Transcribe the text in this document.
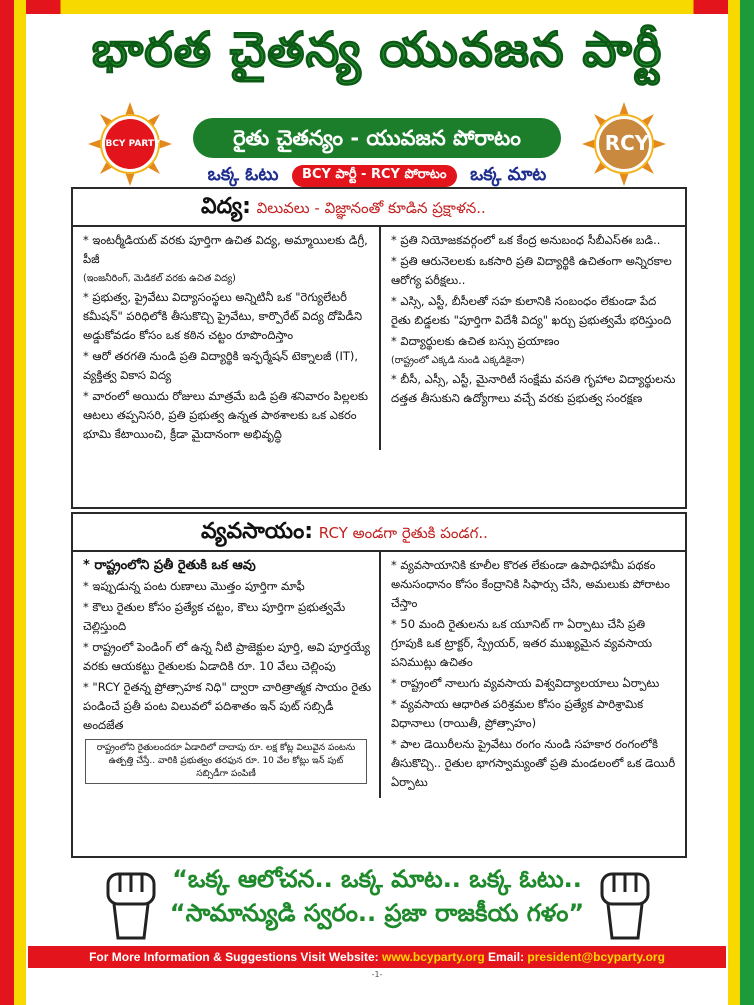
భారత చైతన్య యువజన పార్టీ
BCY PARTY	RCY
రైతు చైతన్యం - యువజన పోరాటం
ఒక్క ఓటు BCY పార్టీ - RCY పోరాటం ఒక్క మాట
విద్య: విలువలు - విజ్ఞానంతో కూడిన ప్రక్షాళన..
* ఇంటర్మీడియట్ వరకు పూర్తిగా ఉచిత విద్య, అమ్మాయిలకు డిగ్రీ, పీజీ
(ఇంజనీరింగ్, మెడికల్ వరకు ఉచిత విద్య)
* ప్రభుత్వ, ప్రైవేటు విద్యాసంస్థలు అన్నిటినీ ఒక "రెగ్యులేటరీ కమీషన్" పరిధిలోకి తీసుకొచ్చి ప్రైవేటు, కార్పొరేట్ విద్య దోపిడీని అడ్డుకోవడం కోసం ఒక కఠిన చట్టం రూపొందిస్తాం
* ఆరో తరగతి నుండి ప్రతి విద్యార్థికి ఇన్ఫర్మేషన్ టెక్నాలజీ (IT), వ్యక్తిత్వ వికాస విద్య
* వారంలో అయిదు రోజులు మాత్రమే బడి ప్రతి శనివారం పిల్లలకు ఆటలు తప్పనిసరి, ప్రతి ప్రభుత్వ ఉన్నత పాఠశాలకు ఒక ఎకరం భూమి కేటాయించి, క్రీడా మైదానంగా అభివృద్ధి
* ప్రతి నియోజకవర్గంలో ఒక కేంద్ర అనుబంధ సీబీఎస్‌ఈ బడి..
* ప్రతి ఆరునెలలకు ఒకసారి ప్రతి విద్యార్థికి ఉచితంగా అన్నిరకాల ఆరోగ్య పరీక్షలు..
* ఎస్సి, ఎస్టీ, బీసీలతో సహ కులానికి సంబంధం లేకుండా పేద రైతు బిడ్డలకు "పూర్తిగా విదేశీ విద్య" ఖర్చు ప్రభుత్వమే భరిస్తుంది
* విద్యార్థులకు ఉచిత బస్సు ప్రయాణం
(రాష్ట్రంలో ఎక్కడి నుండి ఎక్కడికైనా)
* బీసీ, ఎస్సీ, ఎస్టీ, మైనారిటీ సంక్షేమ వసతి గృహాల విద్యార్థులను దత్తత తీసుకుని ఉద్యోగాలు వచ్చే వరకు ప్రభుత్వ సంరక్షణ
వ్యవసాయం: RCY అండగా రైతుకి పండగ..
* రాష్ట్రంలోని ప్రతీ రైతుకి ఒక ఆవు
* ఇప్పుడున్న పంట రుణాలు మొత్తం పూర్తిగా మాఫీ
* కౌలు రైతుల కోసం ప్రత్యేక చట్టం, కౌలు పూర్తిగా ప్రభుత్వమే చెల్లిస్తుంది
* రాష్ట్రంలో పెండింగ్ లో ఉన్న నీటి ప్రాజెక్టుల పూర్తి, అవి పూర్తయ్యే వరకు ఆయకట్టు రైతులకు ఏడాదికి రూ. 10 వేలు చెల్లింపు
* "RCY రైతన్న ప్రోత్సాహక నిధి" ద్వారా చారిత్రాత్మక సాయం రైతు పండించే ప్రతీ పంట విలువలో పదిశాతం ఇన్ పుట్ సబ్సిడీ అందజేత
రాష్ట్రంలోని రైతులందరూ ఏడాదిలో దాదాపు రూ. లక్ష కోట్ల విలువైన పంటను ఉత్పత్తి చేస్తే.. వారికి ప్రభుత్వం తరఫున రూ. 10 వేల కోట్లు ఇన్ పుట్ సబ్సిడీగా పంపిణీ
* వ్యవసాయానికి కూలీల కొరత లేకుండా ఉపాధిహామీ పథకం అనుసంధానం కోసం కేంద్రానికి సిఫార్సు చేసి, అమలుకు పోరాటం చేస్తాం
* 50 మంది రైతులను ఒక యూనిట్ గా ఏర్పాటు చేసి ప్రతి గ్రూపుకి ఒక ట్రాక్టర్, స్ప్రేయర్, ఇతర ముఖ్యమైన వ్యవసాయ పనిముట్లు ఉచితం
* రాష్ట్రంలో నాలుగు వ్యవసాయ విశ్వవిద్యాలయాలు ఏర్పాటు
* వ్యవసాయ ఆధారిత పరిశ్రమల కోసం ప్రత్యేక పారిశ్రామిక విధానాలు (రాయితీ, ప్రోత్సాహం)
* పాల డెయిరీలను ప్రైవేటు రంగం నుండి సహకార రంగంలోకి తీసుకొచ్చి.. రైతుల భాగస్వామ్యంతో ప్రతి మండలంలో ఒక డెయిరీ ఏర్పాటు
“ఒక్క ఆలోచన.. ఒక్క మాట.. ఒక్క ఓటు..
“సామాన్యుడి స్వరం.. ప్రజా రాజకీయ గళం”
For More Information & Suggestions Visit Website: www.bcyparty.org Email: president@bcyparty.org
-1-
